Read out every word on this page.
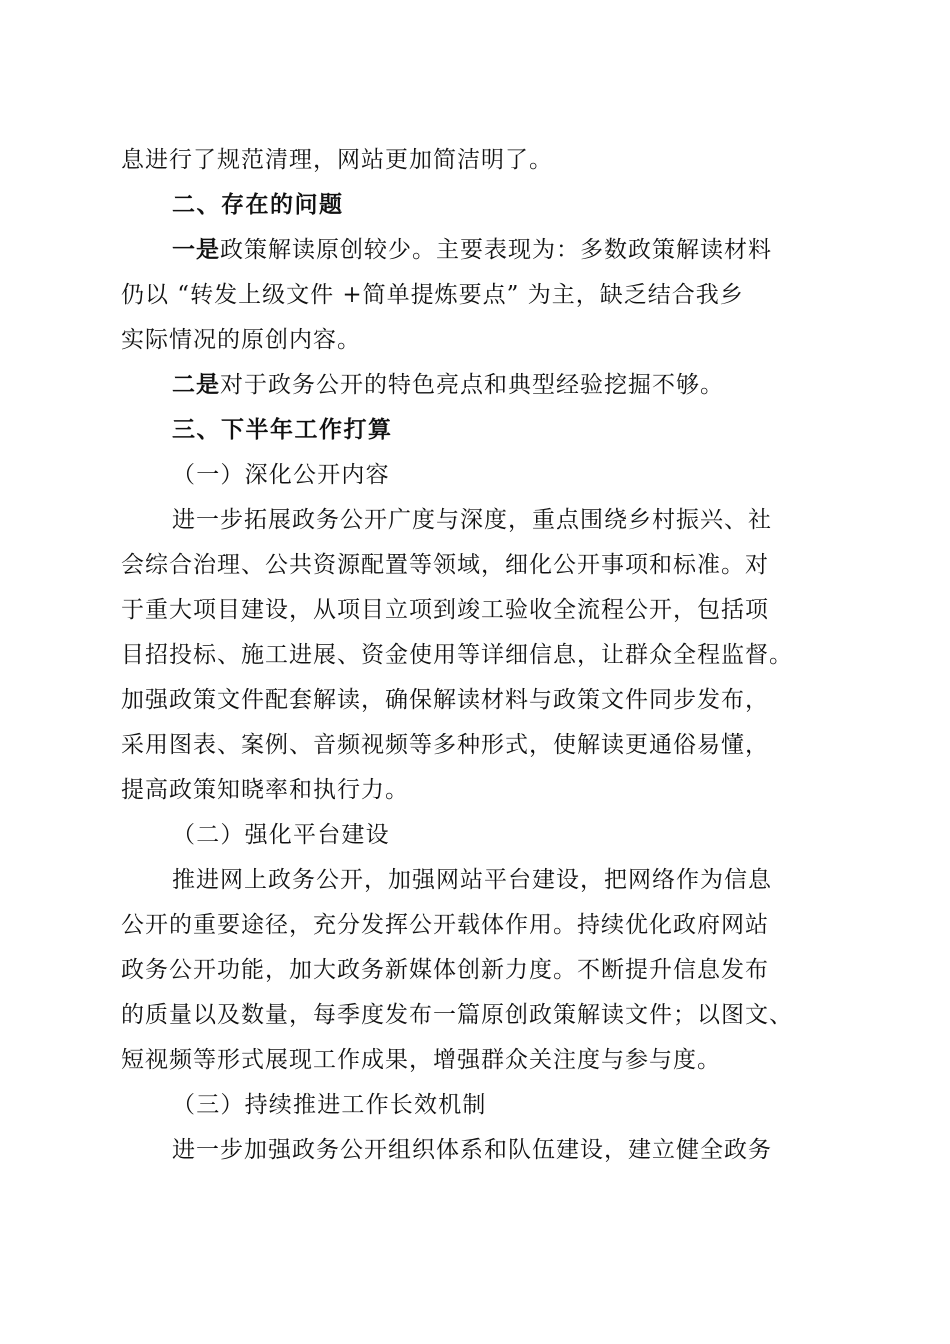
息进行了规范清理，网站更加简洁明了。
二、存在的问题
一是政策解读原创较少。主要表现为：多数政策解读材料
仍以 “转发上级文件 +简单提炼要点” 为主，缺乏结合我乡
实际情况的原创内容。
二是对于政务公开的特色亮点和典型经验挖掘不够。
三、下半年工作打算
（一）深化公开内容
进一步拓展政务公开广度与深度，重点围绕乡村振兴、社
会综合治理、公共资源配置等领域，细化公开事项和标准。对
于重大项目建设，从项目立项到竣工验收全流程公开，包括项
目招投标、施工进展、资金使用等详细信息，让群众全程监督。
加强政策文件配套解读，确保解读材料与政策文件同步发布，
采用图表、案例、音频视频等多种形式，使解读更通俗易懂，
提高政策知晓率和执行力。
（二）强化平台建设
推进网上政务公开，加强网站平台建设，把网络作为信息
公开的重要途径，充分发挥公开载体作用。持续优化政府网站
政务公开功能，加大政务新媒体创新力度。不断提升信息发布
的质量以及数量，每季度发布一篇原创政策解读文件；以图文、
短视频等形式展现工作成果，增强群众关注度与参与度。
（三）持续推进工作长效机制
进一步加强政务公开组织体系和队伍建设，建立健全政务
